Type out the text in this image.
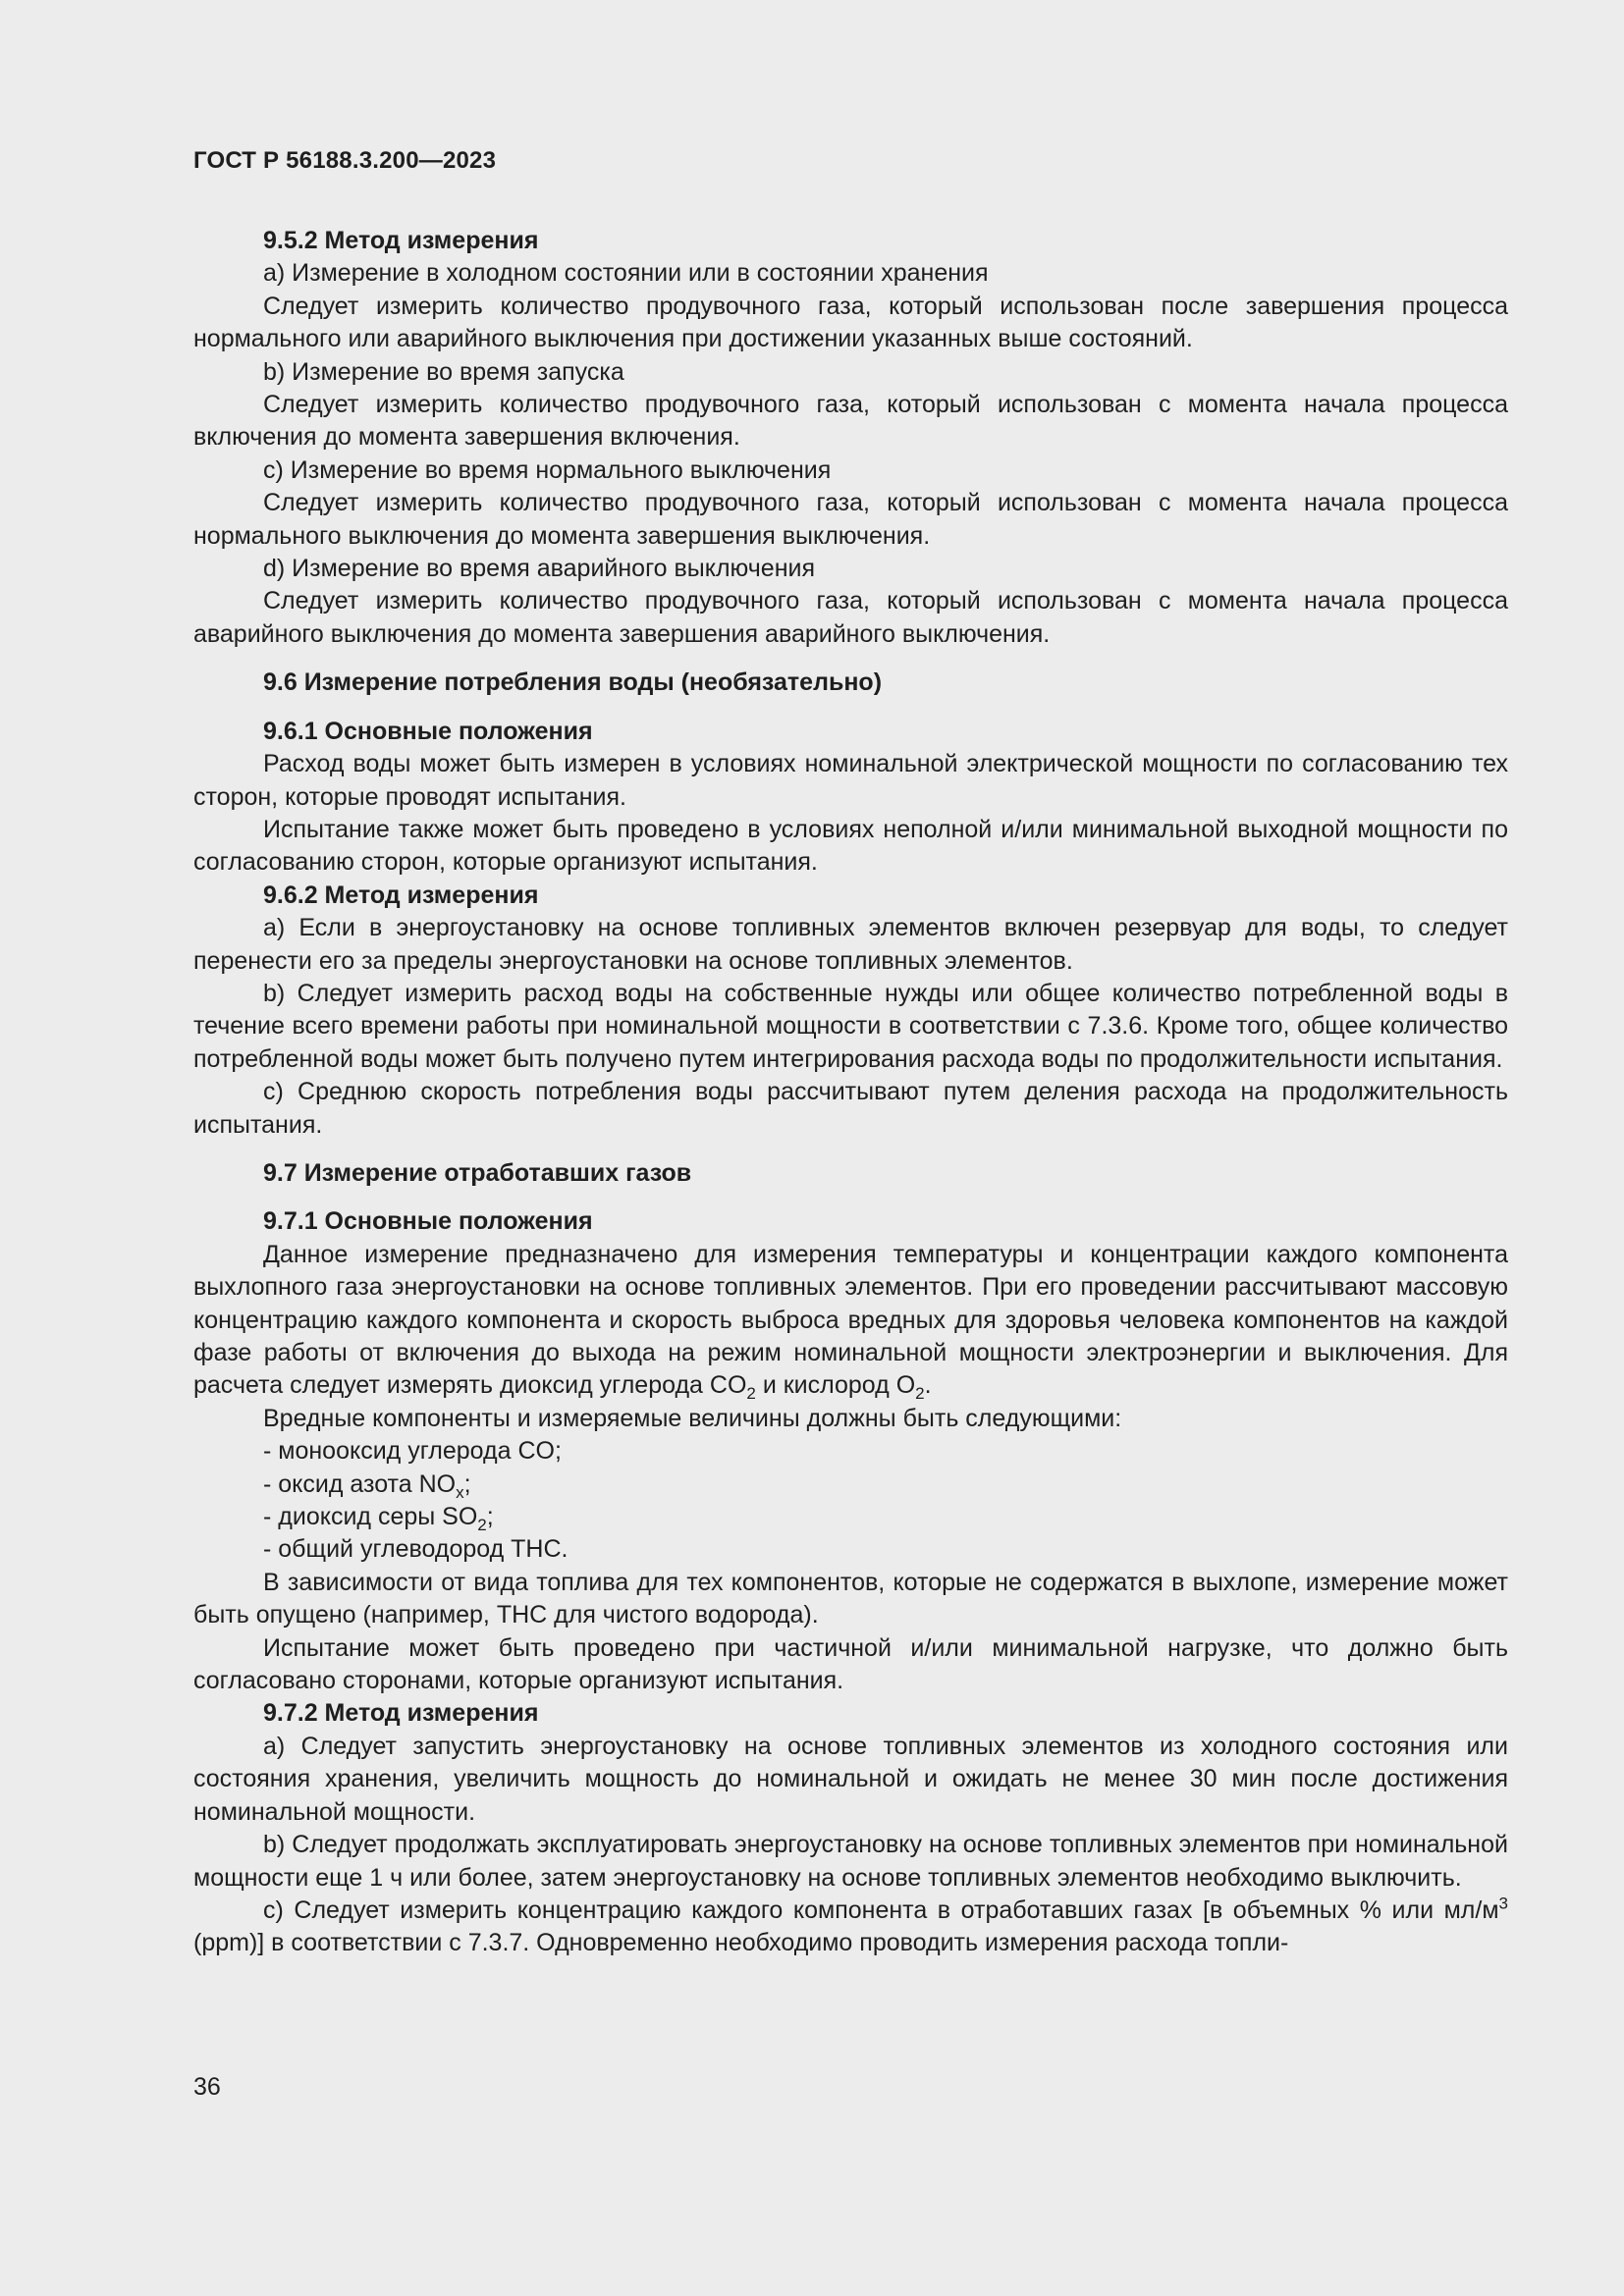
ГОСТ Р 56188.3.200—2023

9.5.2 Метод измерения

a) Измерение в холодном состоянии или в состоянии хранения

Следует измерить количество продувочного газа, который использован после завершения процесса нормального или аварийного выключения при достижении указанных выше состояний.

b) Измерение во время запуска

Следует измерить количество продувочного газа, который использован с момента начала процесса включения до момента завершения включения.

c) Измерение во время нормального выключения

Следует измерить количество продувочного газа, который использован с момента начала процесса нормального выключения до момента завершения выключения.

d) Измерение во время аварийного выключения

Следует измерить количество продувочного газа, который использован с момента начала процесса аварийного выключения до момента завершения аварийного выключения.

9.6 Измерение потребления воды (необязательно)

9.6.1 Основные положения

Расход воды может быть измерен в условиях номинальной электрической мощности по согласованию тех сторон, которые проводят испытания.

Испытание также может быть проведено в условиях неполной и/или минимальной выходной мощности по согласованию сторон, которые организуют испытания.

9.6.2 Метод измерения

a) Если в энергоустановку на основе топливных элементов включен резервуар для воды, то следует перенести его за пределы энергоустановки на основе топливных элементов.

b) Следует измерить расход воды на собственные нужды или общее количество потребленной воды в течение всего времени работы при номинальной мощности в соответствии с 7.3.6. Кроме того, общее количество потребленной воды может быть получено путем интегрирования расхода воды по продолжительности испытания.

c) Среднюю скорость потребления воды рассчитывают путем деления расхода на продолжительность испытания.

9.7 Измерение отработавших газов

9.7.1 Основные положения

Данное измерение предназначено для измерения температуры и концентрации каждого компонента выхлопного газа энергоустановки на основе топливных элементов. При его проведении рассчитывают массовую концентрацию каждого компонента и скорость выброса вредных для здоровья человека компонентов на каждой фазе работы от включения до выхода на режим номинальной мощности электроэнергии и выключения. Для расчета следует измерять диоксид углерода $CO_2$ и кислород $O_2$.

Вредные компоненты и измеряемые величины должны быть следующими:

- монооксид углерода CO;

- оксид азота $NO_x$;

- диоксид серы $SO_2$;

- общий углеводород THC.

В зависимости от вида топлива для тех компонентов, которые не содержатся в выхлопе, измерение может быть опущено (например, THC для чистого водорода).

Испытание может быть проведено при частичной и/или минимальной нагрузке, что должно быть согласовано сторонами, которые организуют испытания.

9.7.2 Метод измерения

a) Следует запустить энергоустановку на основе топливных элементов из холодного состояния или состояния хранения, увеличить мощность до номинальной и ожидать не менее 30 мин после достижения номинальной мощности.

b) Следует продолжать эксплуатировать энергоустановку на основе топливных элементов при номинальной мощности еще 1 ч или более, затем энергоустановку на основе топливных элементов необходимо выключить.

c) Следует измерить концентрацию каждого компонента в отработавших газах [в объемных % или $мл/м^3$ (ppm)] в соответствии с 7.3.7. Одновременно необходимо проводить измерения расхода топли-

36
